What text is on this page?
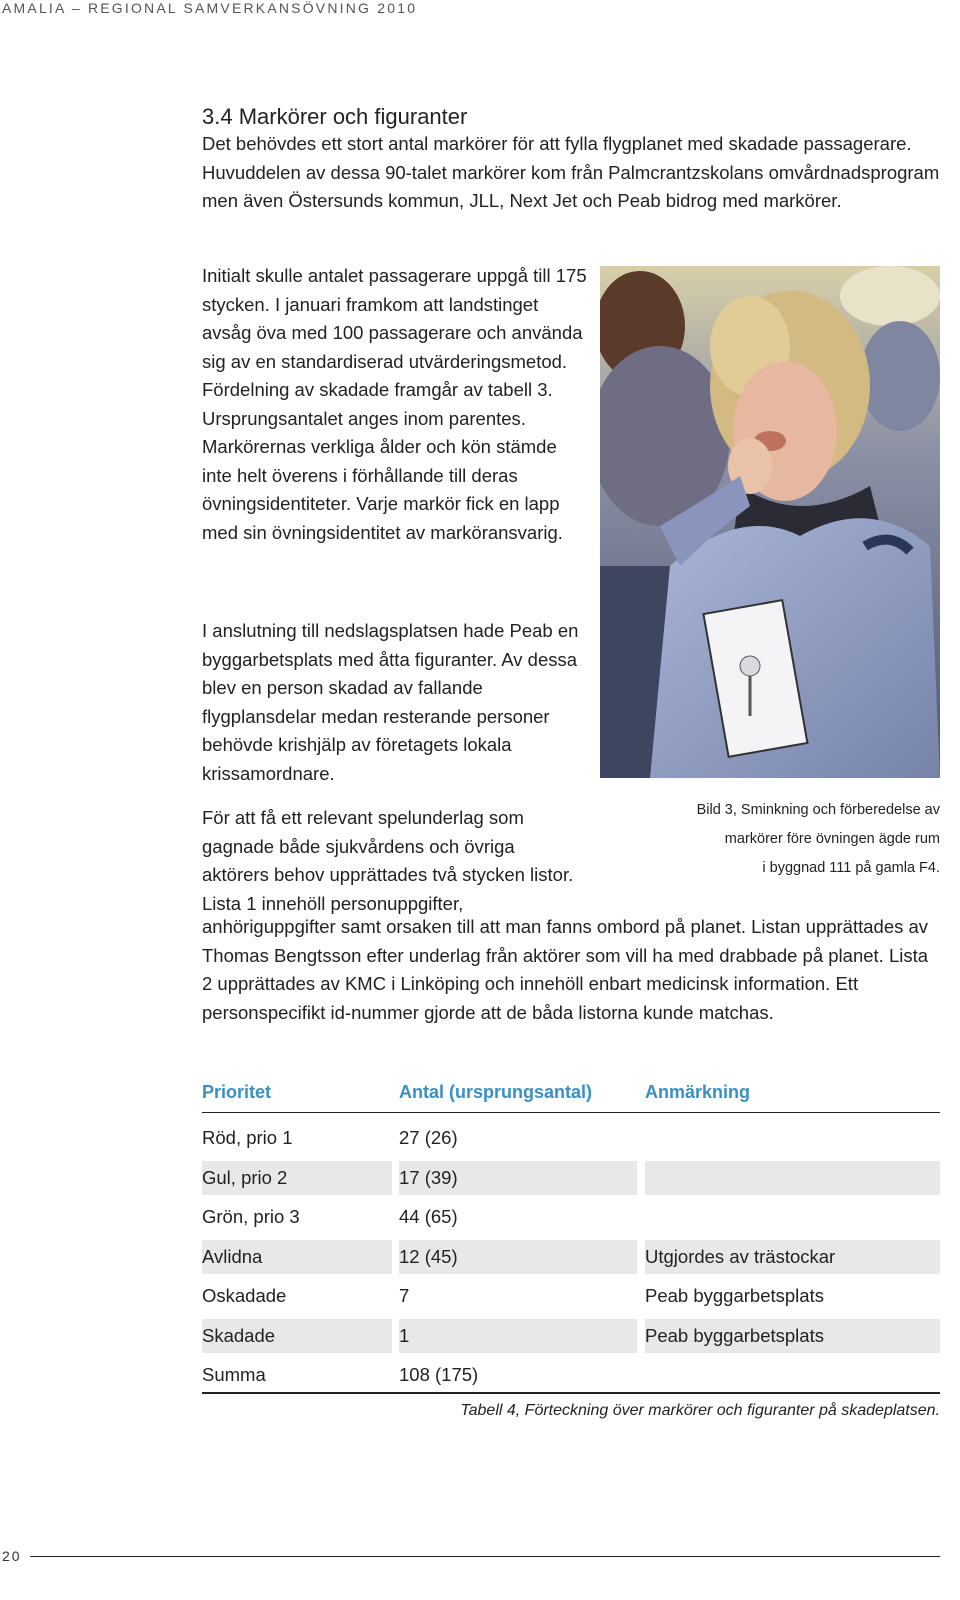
AMALIA – REGIONAL SAMVERKANSÖVNING 2010
3.4 Markörer och figuranter

Det behövdes ett stort antal markörer för att fylla flygplanet med skadade passagerare. Huvuddelen av dessa 90-talet markörer kom från Palmcrantzskolans omvårdnadsprogram men även Östersunds kommun, JLL, Next Jet och Peab bidrog med markörer.

Initialt skulle antalet passagerare uppgå till 175 stycken. I januari framkom att landstinget avsåg öva med 100 passagerare och använda sig av en standardiserad utvärderingsmetod. Fördelning av skadade framgår av tabell 3. Ursprungsantalet anges inom parentes. Markörernas verkliga ålder och kön stämde inte helt överens i förhållande till deras övningsidentiteter. Varje markör fick en lapp med sin övningsidentitet av marköransvarig.

I anslutning till nedslagsplatsen hade Peab en byggarbetsplats med åtta figuranter. Av dessa blev en person skadad av fallande flygplansdelar medan resterande personer behövde krishjälp av företagets lokala krissamordnare.

För att få ett relevant spelunderlag som gagnade både sjukvårdens och övriga aktörers behov upprättades två stycken listor. Lista 1 innehöll personuppgifter,

anhöriguppgifter samt orsaken till att man fanns ombord på planet. Listan upprättades av Thomas Bengtsson efter underlag från aktörer som vill ha med drabbade på planet. Lista 2 upprättades av KMC i Linköping och innehöll enbart medicinsk information. Ett personspecifikt id-nummer gjorde att de båda listorna kunde matchas.

Bild 3, Sminkning och förberedelse av
markörer före övningen ägde rum
i byggnad 111 på gamla F4.
Prioritet	Antal (ursprungsantal)	Anmärkning
Röd, prio 1	27 (26)
Gul, prio 2	17 (39)
Grön, prio 3	44 (65)
Avlidna	12 (45)	Utgjordes av trästockar
Oskadade	7	Peab byggarbetsplats
Skadade	1	Peab byggarbetsplats
Summa	108 (175)
Tabell 4, Förteckning över markörer och figuranter på skadeplatsen.
20
